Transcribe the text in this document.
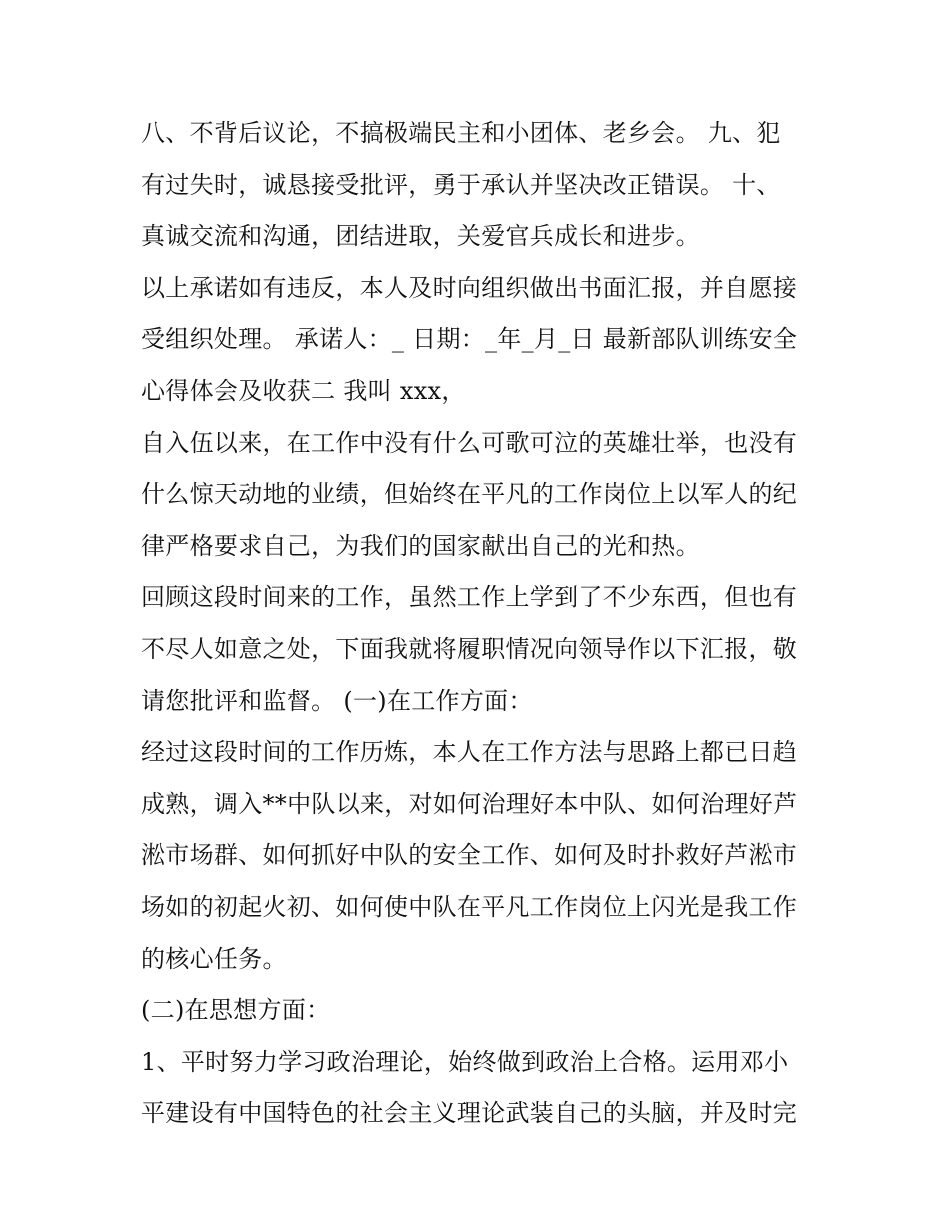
八、不背后议论，不搞极端民主和小团体、老乡会。 九、犯
有过失时，诚恳接受批评，勇于承认并坚决改正错误。 十、
真诚交流和沟通，团结进取，关爱官兵成长和进步。
以上承诺如有违反，本人及时向组织做出书面汇报，并自愿接
受组织处理。 承诺人：_ 日期：_年_月_日 最新部队训练安全
心得体会及收获二 我叫 xxx，
自入伍以来，在工作中没有什么可歌可泣的英雄壮举，也没有
什么惊天动地的业绩，但始终在平凡的工作岗位上以军人的纪
律严格要求自己，为我们的国家献出自己的光和热。
回顾这段时间来的工作，虽然工作上学到了不少东西，但也有
不尽人如意之处，下面我就将履职情况向领导作以下汇报，敬
请您批评和监督。 (一)在工作方面：
经过这段时间的工作历炼，本人在工作方法与思路上都已日趋
成熟，调入**中队以来，对如何治理好本中队、如何治理好芦
淞市场群、如何抓好中队的安全工作、如何及时扑救好芦淞市
场如的初起火初、如何使中队在平凡工作岗位上闪光是我工作
的核心任务。
(二)在思想方面：
1、平时努力学习政治理论，始终做到政治上合格。运用邓小
平建设有中国特色的社会主义理论武装自己的头脑，并及时完
